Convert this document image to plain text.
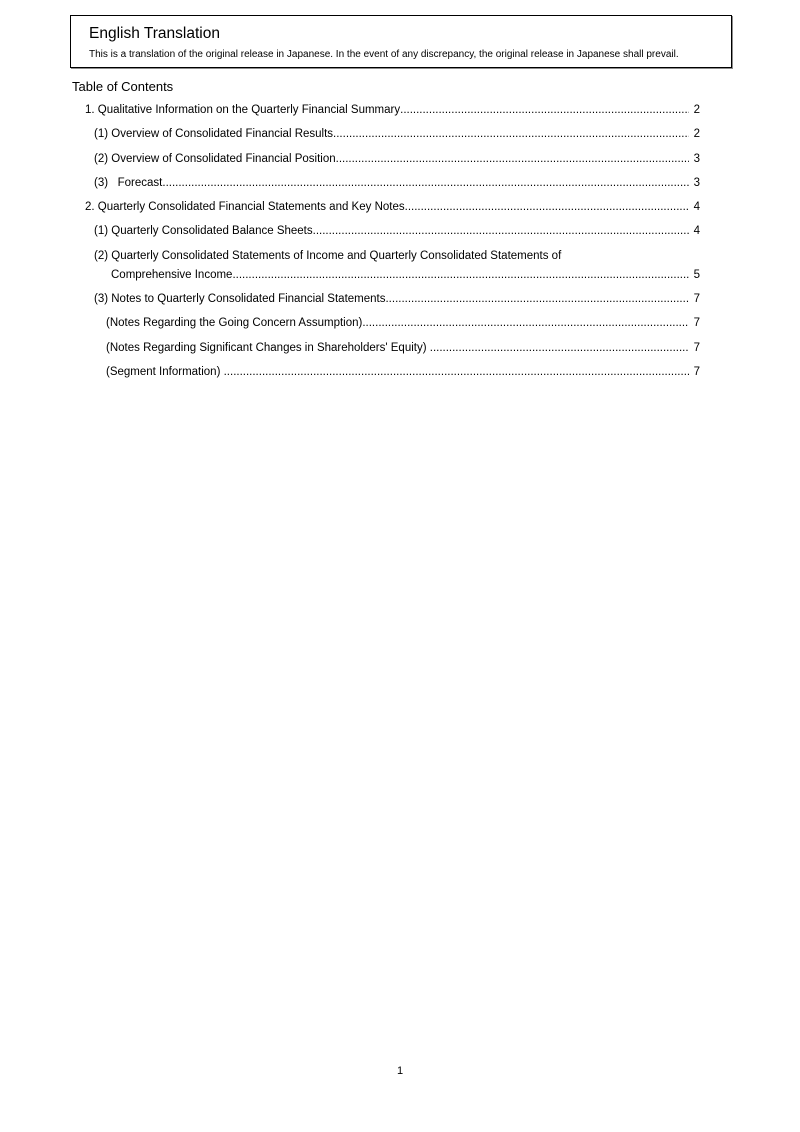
English Translation
This is a translation of the original release in Japanese. In the event of any discrepancy, the original release in Japanese shall prevail.
Table of Contents
1. Qualitative Information on the Quarterly Financial Summary .....	2
(1) Overview of Consolidated Financial Results .....	2
(2) Overview of Consolidated Financial Position .....	3
(3)   Forecast .....	3
2. Quarterly Consolidated Financial Statements and Key Notes .....	4
(1) Quarterly Consolidated Balance Sheets .....	4
(2) Quarterly Consolidated Statements of Income and Quarterly Consolidated Statements of
Comprehensive Income .....	5
(3) Notes to Quarterly Consolidated Financial Statements .....	7
(Notes Regarding the Going Concern Assumption) .....	7
(Notes Regarding Significant Changes in Shareholders' Equity) .....	7
(Segment Information) .....	7
1
